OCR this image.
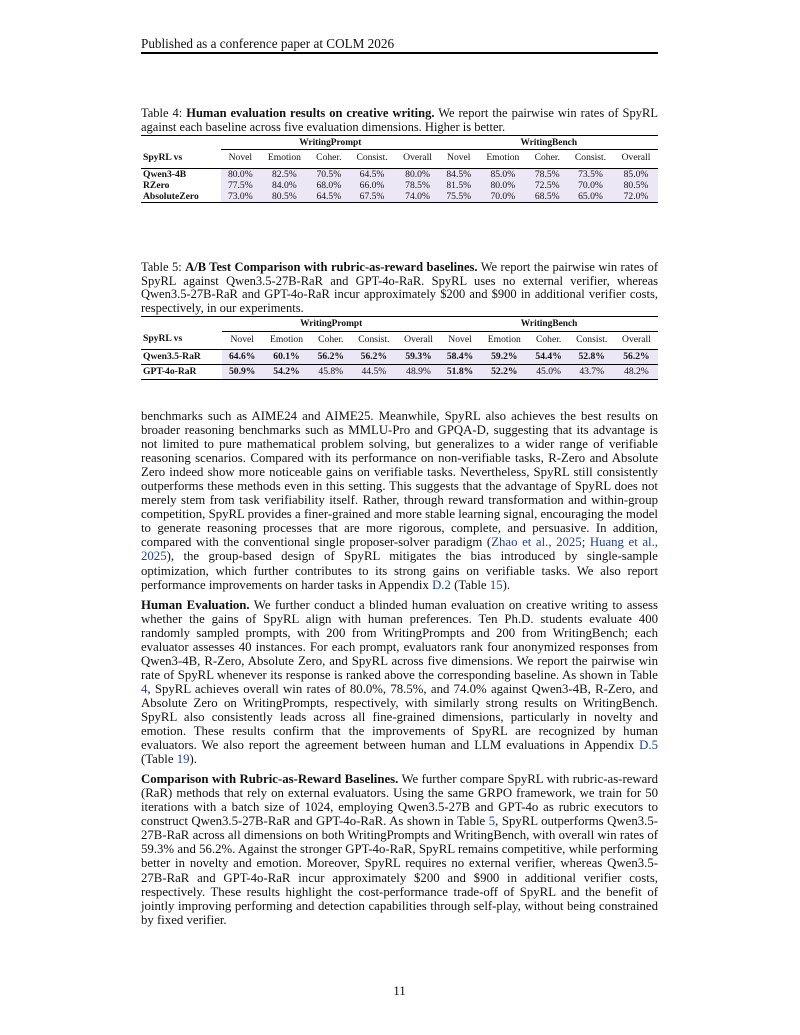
Published as a conference paper at COLM 2026
Table 4: Human evaluation results on creative writing. We report the pairwise win rates of SpyRL against each baseline across five evaluation dimensions. Higher is better.
	WritingPrompt					WritingBench				
SpyRL vs	Novel	Emotion	Coher.	Consist.	Overall	Novel	Emotion	Coher.	Consist.	Overall
Qwen3-4B	80.0%	82.5%	70.5%	64.5%	80.0%	84.5%	85.0%	78.5%	73.5%	85.0%
RZero	77.5%	84.0%	68.0%	66.0%	78.5%	81.5%	80.0%	72.5%	70.0%	80.5%
AbsoluteZero	73.0%	80.5%	64.5%	67.5%	74.0%	75.5%	70.0%	68.5%	65.0%	72.0%
Table 5: A/B Test Comparison with rubric-as-reward baselines. We report the pairwise win rates of SpyRL against Qwen3.5-27B-RaR and GPT-4o-RaR. SpyRL uses no external verifier, whereas Qwen3.5-27B-RaR and GPT-4o-RaR incur approximately $200 and $900 in additional verifier costs, respectively, in our experiments.
	WritingPrompt					WritingBench				
SpyRL vs	Novel	Emotion	Coher.	Consist.	Overall	Novel	Emotion	Coher.	Consist.	Overall
Qwen3.5-RaR	64.6%	60.1%	56.2%	56.2%	59.3%	58.4%	59.2%	54.4%	52.8%	56.2%
GPT-4o-RaR	50.9%	54.2%	45.8%	44.5%	48.9%	51.8%	52.2%	45.0%	43.7%	48.2%

benchmarks such as AIME24 and AIME25. Meanwhile, SpyRL also achieves the best results on broader reasoning benchmarks such as MMLU-Pro and GPQA-D, suggesting that its advantage is not limited to pure mathematical problem solving, but generalizes to a wider range of verifiable reasoning scenarios. Compared with its performance on non-verifiable tasks, R-Zero and Absolute Zero indeed show more noticeable gains on verifiable tasks. Nevertheless, SpyRL still consistently outperforms these methods even in this setting. This suggests that the advantage of SpyRL does not merely stem from task verifiability itself. Rather, through reward transformation and within-group competition, SpyRL provides a finer-grained and more stable learning signal, encouraging the model to generate reasoning processes that are more rigorous, complete, and persuasive. In addition, compared with the conventional single proposer-solver paradigm (Zhao et al., 2025; Huang et al., 2025), the group-based design of SpyRL mitigates the bias introduced by single-sample optimization, which further contributes to its strong gains on verifiable tasks. We also report performance improvements on harder tasks in Appendix D.2 (Table 15).

Human Evaluation. We further conduct a blinded human evaluation on creative writing to assess whether the gains of SpyRL align with human preferences. Ten Ph.D. students evaluate 400 randomly sampled prompts, with 200 from WritingPrompts and 200 from WritingBench; each evaluator assesses 40 instances. For each prompt, evaluators rank four anonymized responses from Qwen3-4B, R-Zero, Absolute Zero, and SpyRL across five dimensions. We report the pairwise win rate of SpyRL whenever its response is ranked above the corresponding baseline. As shown in Table 4, SpyRL achieves overall win rates of 80.0%, 78.5%, and 74.0% against Qwen3-4B, R-Zero, and Absolute Zero on WritingPrompts, respectively, with similarly strong results on WritingBench. SpyRL also consistently leads across all fine-grained dimensions, particularly in novelty and emotion. These results confirm that the improvements of SpyRL are recognized by human evaluators. We also report the agreement between human and LLM evaluations in Appendix D.5 (Table 19).

Comparison with Rubric-as-Reward Baselines. We further compare SpyRL with rubric-as-reward (RaR) methods that rely on external evaluators. Using the same GRPO framework, we train for 50 iterations with a batch size of 1024, employing Qwen3.5-27B and GPT-4o as rubric executors to construct Qwen3.5-27B-RaR and GPT-4o-RaR. As shown in Table 5, SpyRL outperforms Qwen3.5-27B-RaR across all dimensions on both WritingPrompts and WritingBench, with overall win rates of 59.3% and 56.2%. Against the stronger GPT-4o-RaR, SpyRL remains competitive, while performing better in novelty and emotion. Moreover, SpyRL requires no external verifier, whereas Qwen3.5-27B-RaR and GPT-4o-RaR incur approximately $200 and $900 in additional verifier costs, respectively. These results highlight the cost-performance trade-off of SpyRL and the benefit of jointly improving performing and detection capabilities through self-play, without being constrained by fixed verifier.

11
